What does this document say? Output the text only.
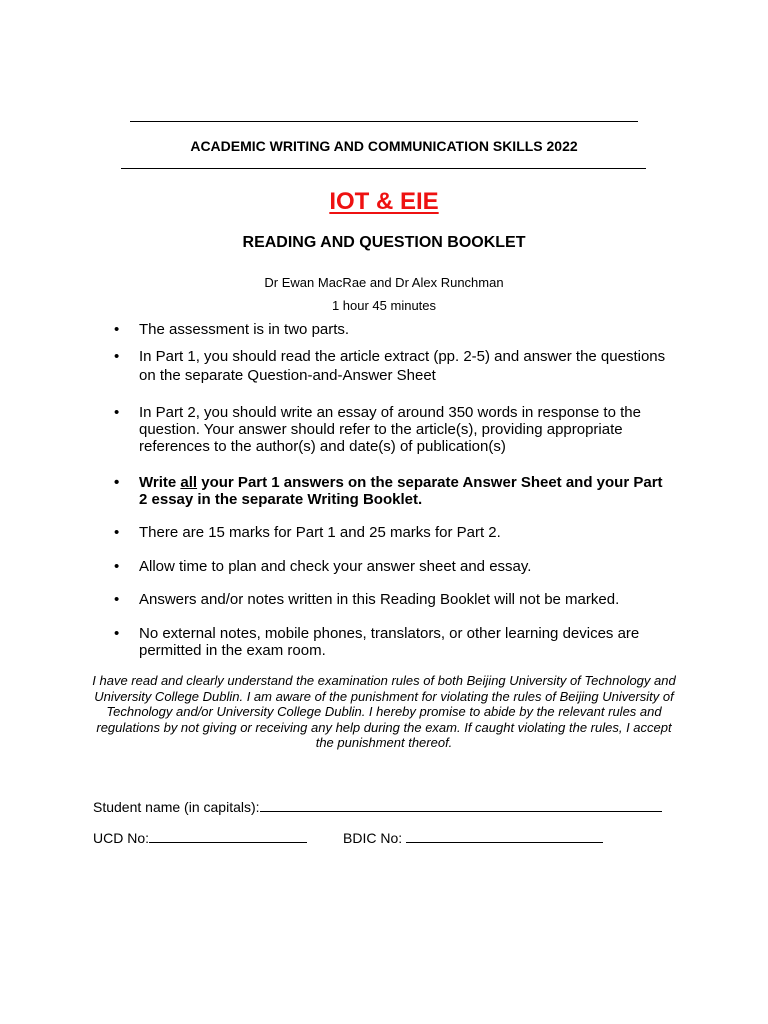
ACADEMIC WRITING AND COMMUNICATION SKILLS 2022
IOT & EIE
READING AND QUESTION BOOKLET
Dr Ewan MacRae and Dr Alex Runchman
1 hour 45 minutes
• The assessment is in two parts.
• In Part 1, you should read the article extract (pp. 2-5) and answer the questions on the separate Question-and-Answer Sheet
• In Part 2, you should write an essay of around 350 words in response to the question. Your answer should refer to the article(s), providing appropriate references to the author(s) and date(s) of publication(s)
• Write all your Part 1 answers on the separate Answer Sheet and your Part 2 essay in the separate Writing Booklet.
• There are 15 marks for Part 1 and 25 marks for Part 2.
• Allow time to plan and check your answer sheet and essay.
• Answers and/or notes written in this Reading Booklet will not be marked.
• No external notes, mobile phones, translators, or other learning devices are permitted in the exam room.
I have read and clearly understand the examination rules of both Beijing University of Technology and University College Dublin. I am aware of the punishment for violating the rules of Beijing University of Technology and/or University College Dublin. I hereby promise to abide by the relevant rules and regulations by not giving or receiving any help during the exam. If caught violating the rules, I accept the punishment thereof.
Student name (in capitals):
UCD No:	BDIC No:
